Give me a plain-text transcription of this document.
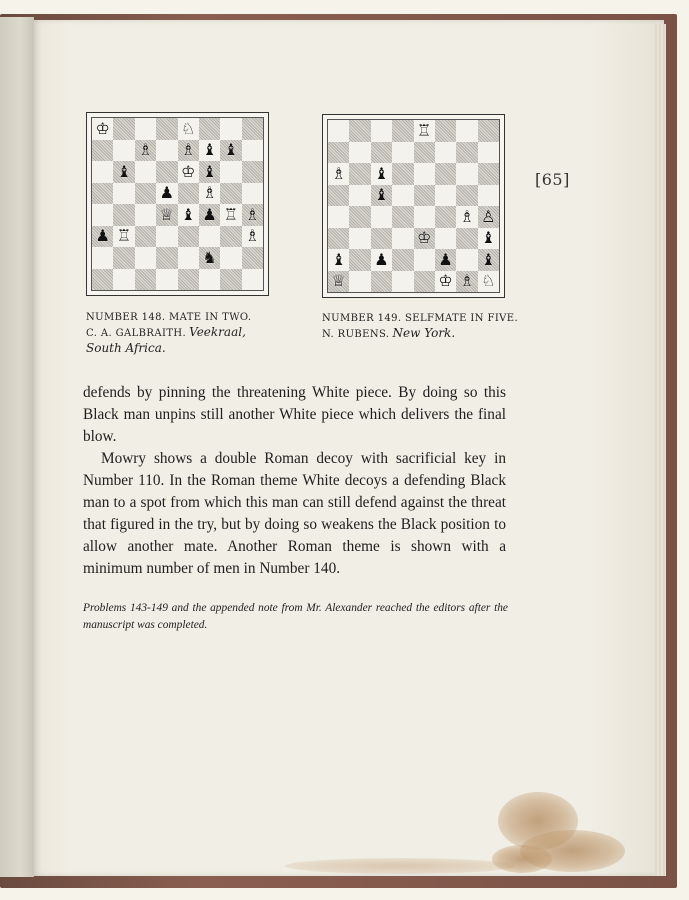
♔	♘
♗ ♗ ♝ ♝
♝	♔ ♝
♟ ♗
♕ ♝ ♟ ♖ ♗
♟ ♖	♗
♞
♖
♗ ♝
♝
♗ ♙
♔	♝
♝ ♟	♟ ♝
♕	♔ ♗ ♘
NUMBER 148. MATE IN TWO.
C. A. GALBRAITH. Veekraal,
South Africa.
NUMBER 149. SELFMATE IN FIVE.
N. RUBENS. New York.
[65]

defends by pinning the threatening White piece. By doing so this Black man unpins still another White piece which delivers the final blow.

Mowry shows a double Roman decoy with sacrificial key in Number 110. In the Roman theme White decoys a defending Black man to a spot from which this man can still defend against the threat that figured in the try, but by doing so weakens the Black position to allow another mate. Another Roman theme is shown with a minimum number of men in Number 140.

Problems 143-149 and the appended note from Mr. Alexander reached the editors after the manuscript was completed.
